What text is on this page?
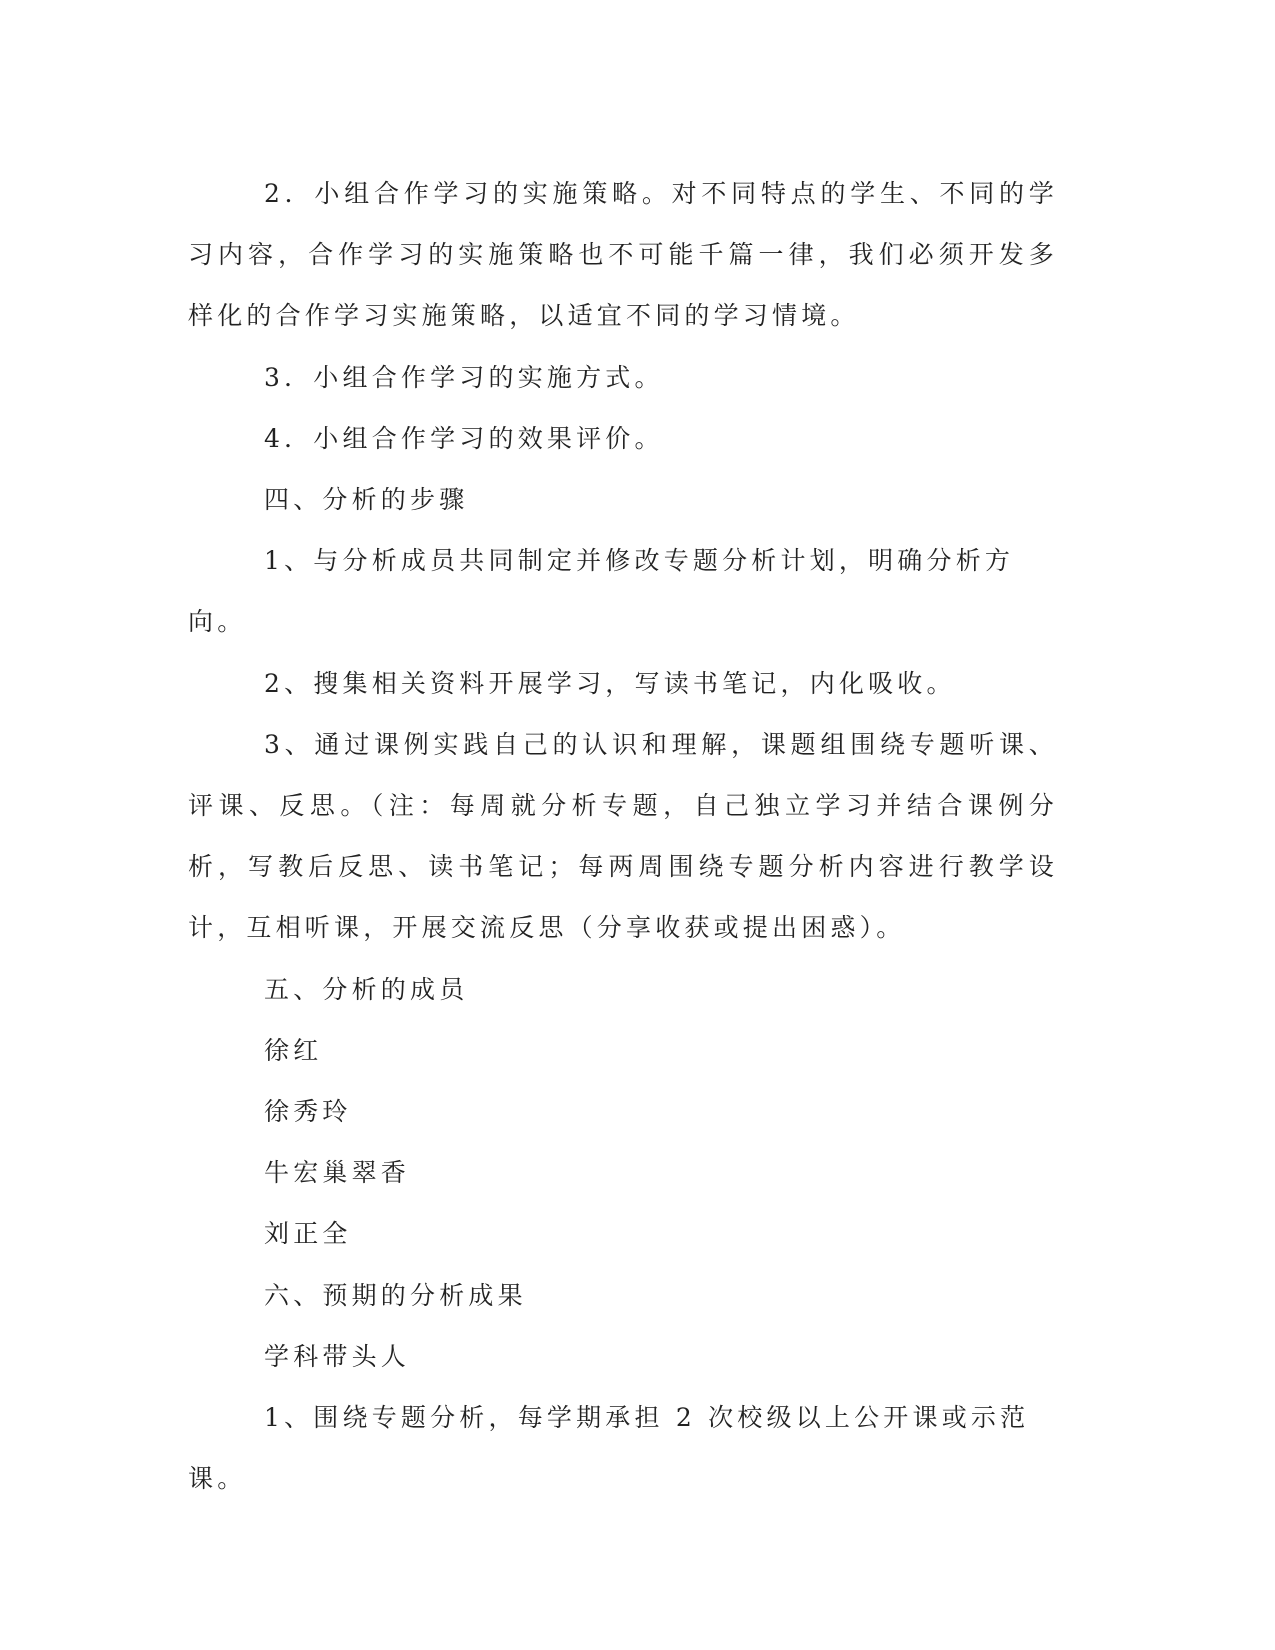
2．小组合作学习的实施策略。对不同特点的学生、不同的学习内容，合作学习的实施策略也不可能千篇一律，我们必须开发多样化的合作学习实施策略，以适宜不同的学习情境。

3．小组合作学习的实施方式。

4．小组合作学习的效果评价。

四、分析的步骤

1、与分析成员共同制定并修改专题分析计划，明确分析方向。

2、搜集相关资料开展学习，写读书笔记，内化吸收。

3、通过课例实践自己的认识和理解，课题组围绕专题听课、评课、反思。（注：每周就分析专题，自己独立学习并结合课例分析，写教后反思、读书笔记；每两周围绕专题分析内容进行教学设计，互相听课，开展交流反思（分享收获或提出困惑）。

五、分析的成员

徐红

徐秀玲

牛宏巢翠香

刘正全

六、预期的分析成果

学科带头人

1、围绕专题分析，每学期承担 2 次校级以上公开课或示范课。
